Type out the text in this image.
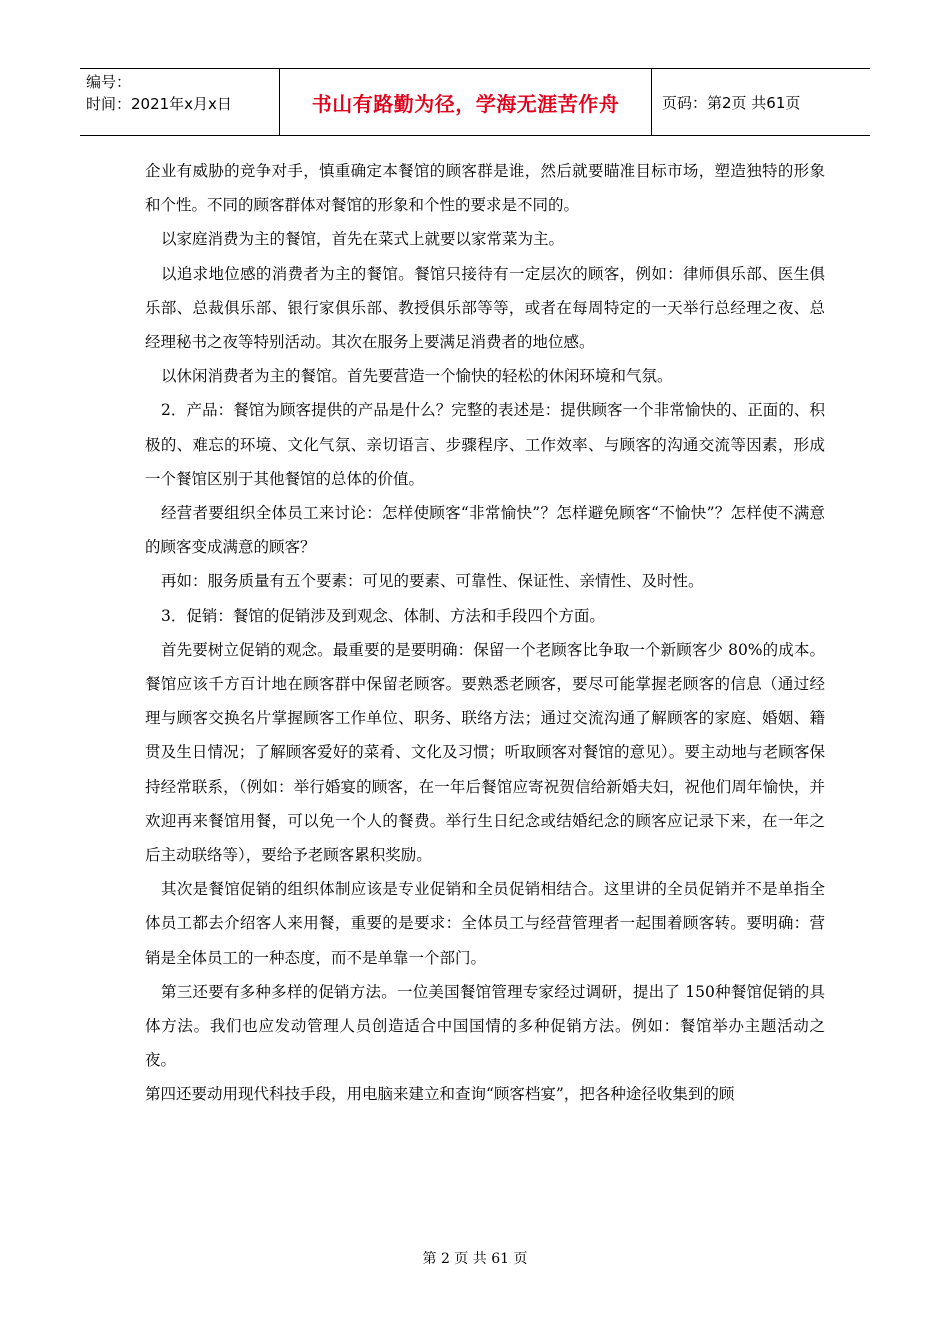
编号：
时间：2021年x月x日	书山有路勤为径，学海无涯苦作舟	页码：第2页 共61页

企业有威胁的竞争对手，慎重确定本餐馆的顾客群是谁，然后就要瞄准目标市场，塑造独特的形象和个性。不同的顾客群体对餐馆的形象和个性的要求是不同的。

以家庭消费为主的餐馆，首先在菜式上就要以家常菜为主。

以追求地位感的消费者为主的餐馆。餐馆只接待有一定层次的顾客，例如：律师俱乐部、医生俱乐部、总裁俱乐部、银行家俱乐部、教授俱乐部等等，或者在每周特定的一天举行总经理之夜、总经理秘书之夜等特别活动。其次在服务上要满足消费者的地位感。

以休闲消费者为主的餐馆。首先要营造一个愉快的轻松的休闲环境和气氛。

2．产品：餐馆为顾客提供的产品是什么？完整的表述是：提供顾客一个非常愉快的、正面的、积极的、难忘的环境、文化气氛、亲切语言、步骤程序、工作效率、与顾客的沟通交流等因素，形成一个餐馆区别于其他餐馆的总体的价值。

经营者要组织全体员工来讨论：怎样使顾客“非常愉快”？怎样避免顾客“不愉快”？怎样使不满意的顾客变成满意的顾客？

再如：服务质量有五个要素：可见的要素、可靠性、保证性、亲情性、及时性。

3．促销：餐馆的促销涉及到观念、体制、方法和手段四个方面。

首先要树立促销的观念。最重要的是要明确：保留一个老顾客比争取一个新顾客少 80%的成本。餐馆应该千方百计地在顾客群中保留老顾客。要熟悉老顾客，要尽可能掌握老顾客的信息（通过经理与顾客交换名片掌握顾客工作单位、职务、联络方法；通过交流沟通了解顾客的家庭、婚姻、籍贯及生日情况；了解顾客爱好的菜肴、文化及习惯；听取顾客对餐馆的意见）。要主动地与老顾客保持经常联系，（例如：举行婚宴的顾客，在一年后餐馆应寄祝贺信给新婚夫妇，祝他们周年愉快，并欢迎再来餐馆用餐，可以免一个人的餐费。举行生日纪念或结婚纪念的顾客应记录下来，在一年之后主动联络等），要给予老顾客累积奖励。

其次是餐馆促销的组织体制应该是专业促销和全员促销相结合。这里讲的全员促销并不是单指全体员工都去介绍客人来用餐，重要的是要求：全体员工与经营管理者一起围着顾客转。要明确：营销是全体员工的一种态度，而不是单靠一个部门。

第三还要有多种多样的促销方法。一位美国餐馆管理专家经过调研，提出了 150种餐馆促销的具体方法。我们也应发动管理人员创造适合中国国情的多种促销方法。例如：餐馆举办主题活动之夜。

第四还要动用现代科技手段，用电脑来建立和查询“顾客档宴”，把各种途径收集到的顾

第 2 页 共 61 页
